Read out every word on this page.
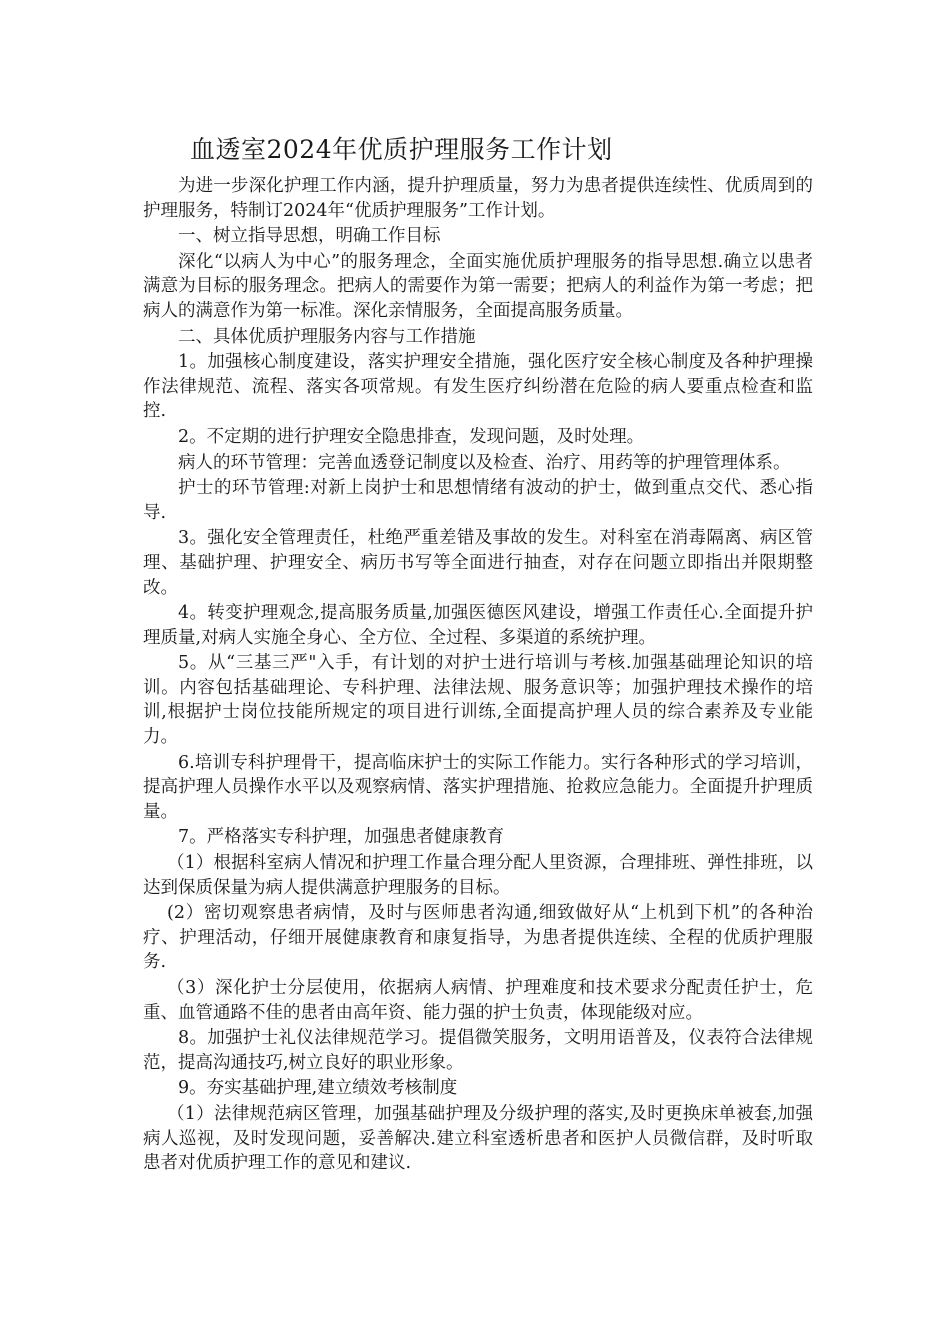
血透室2024年优质护理服务工作计划

为进一步深化护理工作内涵，提升护理质量，努力为患者提供连续性、优质周到的护理服务，特制订2024年“优质护理服务”工作计划。

一、树立指导思想，明确工作目标

深化“以病人为中心”的服务理念，全面实施优质护理服务的指导思想.确立以患者满意为目标的服务理念。把病人的需要作为第一需要；把病人的利益作为第一考虑；把病人的满意作为第一标准。深化亲情服务，全面提高服务质量。

二、具体优质护理服务内容与工作措施

1。加强核心制度建设，落实护理安全措施，强化医疗安全核心制度及各种护理操作法律规范、流程、落实各项常规。有发生医疗纠纷潜在危险的病人要重点检查和监控.

2。不定期的进行护理安全隐患排查，发现问题，及时处理。

病人的环节管理：完善血透登记制度以及检查、治疗、用药等的护理管理体系。

护士的环节管理:对新上岗护士和思想情绪有波动的护士，做到重点交代、悉心指导.

3。强化安全管理责任，杜绝严重差错及事故的发生。对科室在消毒隔离、病区管理、基础护理、护理安全、病历书写等全面进行抽查，对存在问题立即指出并限期整改。

4。转变护理观念,提高服务质量,加强医德医风建设，增强工作责任心.全面提升护理质量,对病人实施全身心、全方位、全过程、多渠道的系统护理。

5。从“三基三严"入手，有计划的对护士进行培训与考核.加强基础理论知识的培训。内容包括基础理论、专科护理、法律法规、服务意识等；加强护理技术操作的培训,根据护士岗位技能所规定的项目进行训练,全面提高护理人员的综合素养及专业能力。

6.培训专科护理骨干，提高临床护士的实际工作能力。实行各种形式的学习培训，提高护理人员操作水平以及观察病情、落实护理措施、抢救应急能力。全面提升护理质量。

7。严格落实专科护理，加强患者健康教育

（1）根据科室病人情况和护理工作量合理分配人里资源，合理排班、弹性排班，以达到保质保量为病人提供满意护理服务的目标。

(2）密切观察患者病情，及时与医师患者沟通,细致做好从“上机到下机”的各种治疗、护理活动，仔细开展健康教育和康复指导，为患者提供连续、全程的优质护理服务.

（3）深化护士分层使用，依据病人病情、护理难度和技术要求分配责任护士，危重、血管通路不佳的患者由高年资、能力强的护士负责，体现能级对应。

8。加强护士礼仪法律规范学习。提倡微笑服务，文明用语普及，仪表符合法律规范，提高沟通技巧,树立良好的职业形象。

9。夯实基础护理,建立绩效考核制度

（1）法律规范病区管理，加强基础护理及分级护理的落实,及时更换床单被套,加强病人巡视，及时发现问题，妥善解决.建立科室透析患者和医护人员微信群，及时听取患者对优质护理工作的意见和建议.
